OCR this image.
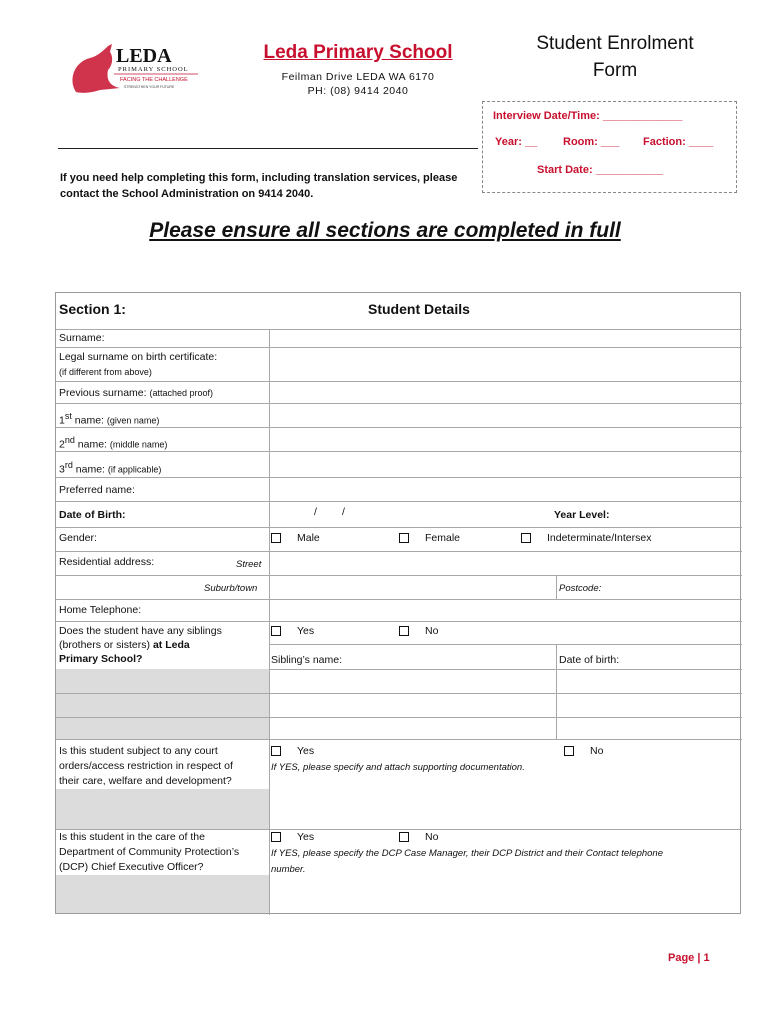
LEDA
PRIMARY SCHOOL
FACING THE CHALLENGE
STRENGTHEN YOUR FUTURE
Leda Primary School
Feilman Drive LEDA WA 6170
PH: (08) 9414 2040
Student Enrolment
Form
Interview Date/Time: _____________
Year: __ Room: ___ Faction: ____
Start Date: ___________
If you need help completing this form, including translation services, please contact the School Administration on 9414 2040.
Please ensure all sections are completed in full
Section 1:	Student Details
Surname:
Legal surname on birth certificate:
(if different from above)
Previous surname: (attached proof)
1st name: (given name)
2nd name: (middle name)
3rd name: (if applicable)
Preferred name:
Date of Birth:	/ /	Year Level:
Gender:	Male	Female	Indeterminate/Intersex
Residential address:	Street
Suburb/town	Postcode:
Home Telephone:
Does the student have any siblings
(brothers or sisters) at Leda
Primary School?
Yes	No
Sibling’s name:	Date of birth:
Is this student subject to any court
orders/access restriction in respect of
their care, welfare and development?
Yes	No
If YES, please specify and attach supporting documentation.
Is this student in the care of the
Department of Community Protection’s
(DCP) Chief Executive Officer?
Yes	No
If YES, please specify the DCP Case Manager, their DCP District and their Contact telephone
number.
Page | 1
